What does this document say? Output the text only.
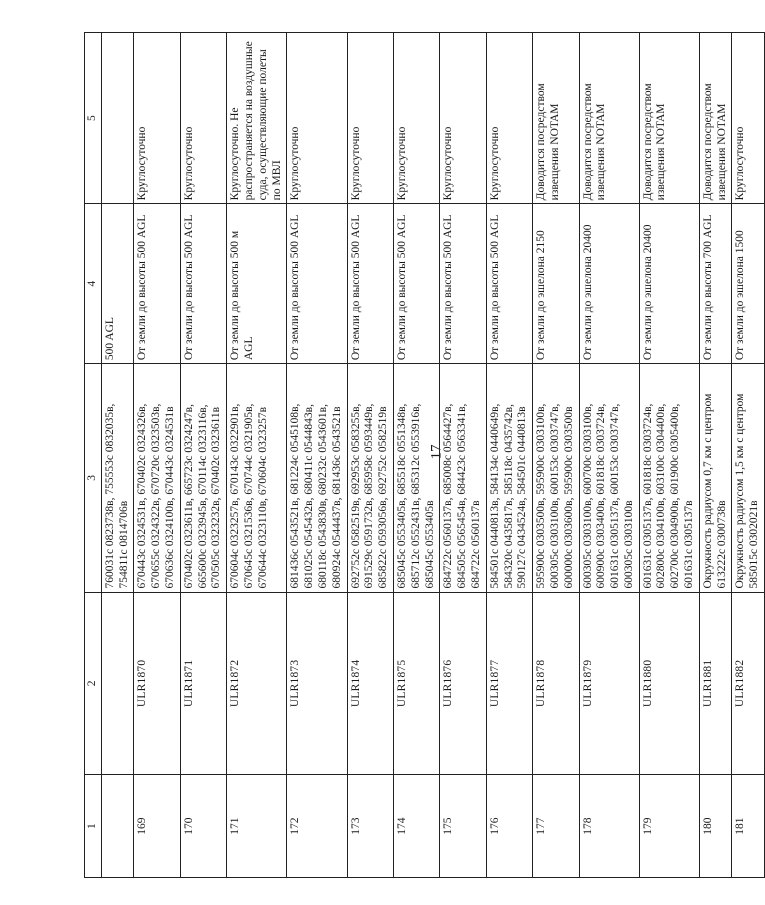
17
1	2	3	4	5
		760031c 0823738в, 755553с 0832035в, 754811с 0814706в	500 AGL	
169	ULR1870	670443с 0324531в, 670402с 0324326в, 670655с 0324322в, 670720с 0323503в, 670636с 0324100в, 670443с 0324531в	От земли до высоты 500 AGL	Круглосуточно
170	ULR1871	670402с 0323611в, 665723с 0324247в, 665600с 0323945в, 670114с 0323116в, 670505с 0323232в, 670402с 0323611в	От земли до высоты 500 AGL	Круглосуточно
171	ULR1872	670604с 0323257в, 670143с 0322901в, 670645с 0321536в, 670744с 0321905в, 670644с 0323110в, 670604с 0323257в	От земли до высоты 500 м AGL	Круглосуточно. Не распространяется на воздушные суда, осуществляющие полеты по МВЛ
172	ULR1873	681436с 0543521в, 681224с 0545108в, 681025с 0545432в, 680411с 0544843в, 680118с 0543830в, 680232с 0543601в, 680924с 0544437в, 681436с 0543521в	От земли до высоты 500 AGL	Круглосуточно
173	ULR1874	692752с 0582519в, 692953с 0583255в, 691529с 0591732в, 685958с 0593449в, 685822с 0593056в, 692752с 0582519в	От земли до высоты 500 AGL	Круглосуточно
174	ULR1875	685045с 0553405в, 685518с 0551348в, 685712с 0552431в, 685312с 0553916в, 685045с 0553405в	От земли до высоты 500 AGL	Круглосуточно
175	ULR1876	684722с 0560137в, 685008с 0564427в, 684505с 0565454в, 684423с 0563341в, 684722с 0560137в	От земли до высоты 500 AGL	Круглосуточно
176	ULR1877	584501с 0440813в, 584134с 0440649в, 584320с 0435817в, 585118с 0435742в, 590127с 0434524в, 584501с 0440813в	От земли до высоты 500 AGL	Круглосуточно
177	ULR1878	595900с 0303500в, 595900с 0303100в, 600305с 0303100в, 600153с 0303747в, 600000с 0303600в, 595900с 0303500в	От земли до эшелона 2150	Доводится посредством извещения NOTAM
178	ULR1879	600305с 0303100в, 600700с 0303100в, 600900с 0303400в, 601818с 0303724в, 601631с 0305137в, 600153с 0303747в, 600305с 0303100в	От земли до эшелона 20400	Доводится посредством извещения NOTAM
179	ULR1880	601631с 0305137в, 601818с 0303724в, 602800с 0304100в, 603100с 0304400в, 602700с 0304900в, 601900с 0305400в, 601631с 0305137в	От земли до эшелона 20400	Доводится посредством извещения NOTAM
180	ULR1881	Окружность радиусом 0,7 км с центром 613222с 0300738в	От земли до высоты 700 AGL	Доводится посредством извещения NOTAM
181	ULR1882	Окружность радиусом 1,5 км с центром 585015с 0302021в	От земли до эшелона 1500	Круглосуточно
